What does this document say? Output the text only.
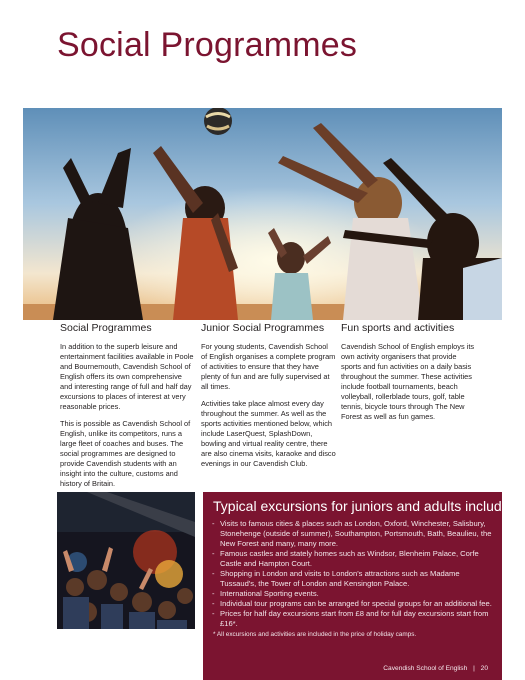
Social Programmes
Social Programmes

In addition to the superb leisure and entertainment facilities available in Poole and Bournemouth, Cavendish School of English offers its own comprehensive and interesting range of full and half day excursions to places of interest at very reasonable prices.

This is possible as Cavendish School of English, unlike its competitors, runs a large fleet of coaches and buses. The social programmes are designed to provide Cavendish students with an insight into the culture, customs and history of Britain.

Junior Social Programmes

For young students, Cavendish School of English organises a complete program of activities to ensure that they have plenty of fun and are fully supervised at all times.

Activities take place almost every day throughout the summer. As well as the sports activities mentioned below, which include LaserQuest, SplashDown, bowling and virtual reality centre, there are also cinema visits, karaoke and disco evenings in our Cavendish Club.

Fun sports and activities

Cavendish School of English employs its own activity organisers that provide sports and fun activities on a daily basis throughout the summer. These activities include football tournaments, beach volleyball, rollerblade tours, golf, table tennis, bicycle tours through The New Forest as well as fun games.

Typical excursions for juniors and adults include:
- Visits to famous cities & places such as London, Oxford, Winchester, Salisbury, Stonehenge (outside of summer), Southampton, Portsmouth, Bath, Beaulieu, the New Forest and many, many more.
- Famous castles and stately homes such as Windsor, Blenheim Palace, Corfe Castle and Hampton Court.
- Shopping in London and visits to London's attractions such as Madame Tussaud's, the Tower of London and Kensington Palace.
- International Sporting events.
- Individual tour programs can be arranged for special groups for an additional fee.
- Prices for half day excursions start from £8 and for full day excursions start from £16*.
* All excursions and activities are included in the price of holiday camps.
Cavendish School of English | 20
